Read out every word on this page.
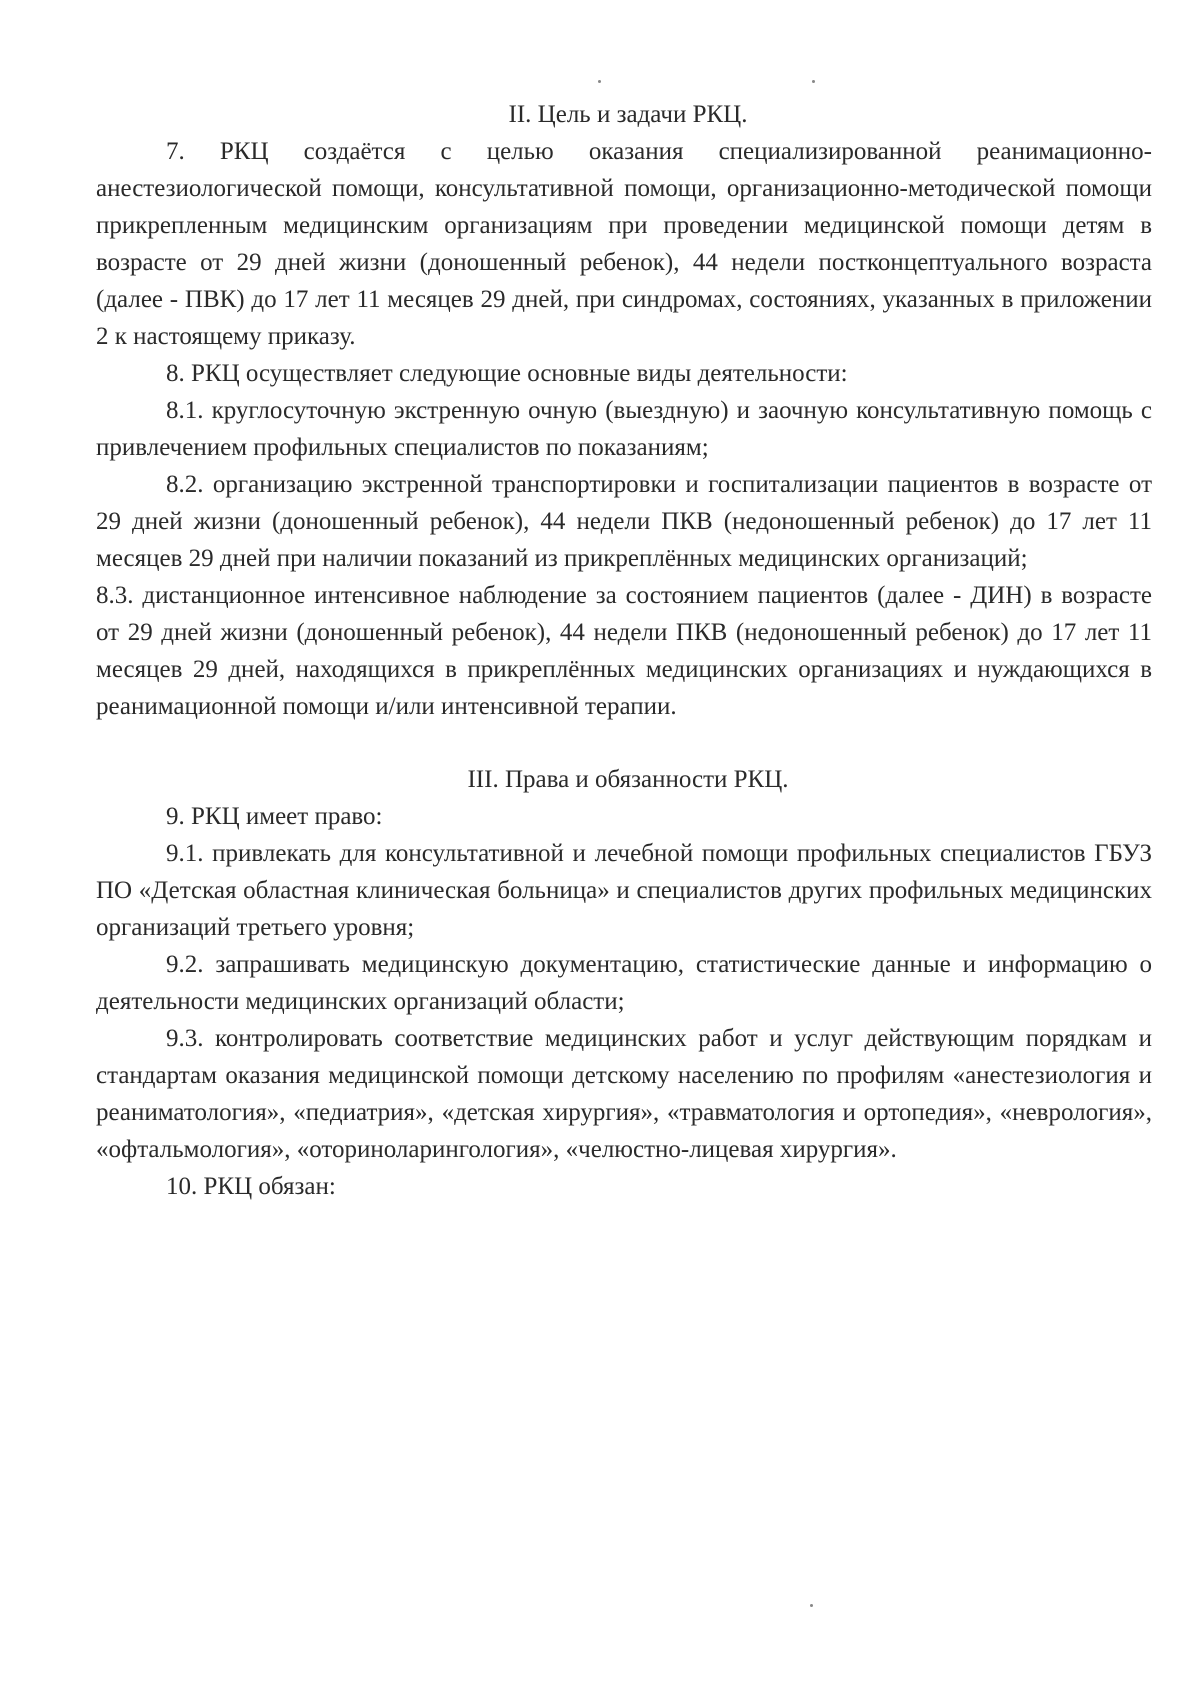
II. Цель и задачи РКЦ.

7. РКЦ создаётся с целью оказания специализированной реанимационно-анестезиологической помощи, консультативной помощи, организационно-методической помощи прикрепленным медицинским организациям при проведении медицинской помощи детям в возрасте от 29 дней жизни (доношенный ребенок), 44 недели постконцептуального возраста (далее - ПВК) до 17 лет 11 месяцев 29 дней, при синдромах, состояниях, указанных в приложении 2 к настоящему приказу.

8. РКЦ осуществляет следующие основные виды деятельности:

8.1. круглосуточную экстренную очную (выездную) и заочную консультативную помощь с привлечением профильных специалистов по показаниям;

8.2. организацию экстренной транспортировки и госпитализации пациентов в возрасте от 29 дней жизни (доношенный ребенок), 44 недели ПКВ (недоношенный ребенок) до 17 лет 11 месяцев 29 дней при наличии показаний из прикреплённых медицинских организаций;

8.3. дистанционное интенсивное наблюдение за состоянием пациентов (далее - ДИН) в возрасте от 29 дней жизни (доношенный ребенок), 44 недели ПКВ (недоношенный ребенок) до 17 лет 11 месяцев 29 дней, находящихся в прикреплённых медицинских организациях и нуждающихся в реанимационной помощи и/или интенсивной терапии.

III. Права и обязанности РКЦ.

9. РКЦ имеет право:

9.1. привлекать для консультативной и лечебной помощи профильных специалистов ГБУЗ ПО «Детская областная клиническая больница» и специалистов других профильных медицинских организаций третьего уровня;

9.2. запрашивать медицинскую документацию, статистические данные и информацию о деятельности медицинских организаций области;

9.3. контролировать соответствие медицинских работ и услуг действующим порядкам и стандартам оказания медицинской помощи детскому населению по профилям «анестезиология и реаниматология», «педиатрия», «детская хирургия», «травматология и ортопедия», «неврология», «офтальмология», «оториноларингология», «челюстно-лицевая хирургия».

10. РКЦ обязан:
